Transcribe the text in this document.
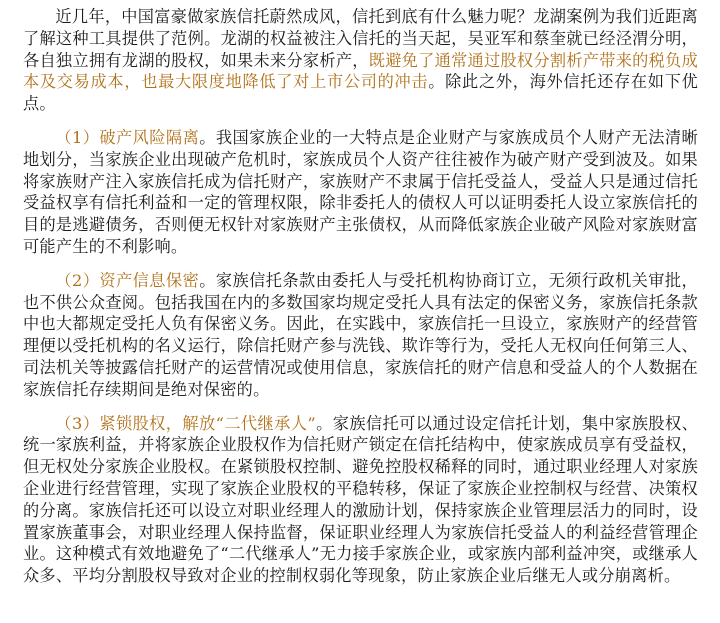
近几年，中国富豪做家族信托蔚然成风，信托到底有什么魅力呢？龙湖案例为我们近距离了解这种工具提供了范例。龙湖的权益被注入信托的当天起，吴亚军和蔡奎就已经泾渭分明，各自独立拥有龙湖的股权，如果未来分家析产，既避免了通常通过股权分割析产带来的税负成本及交易成本，也最大限度地降低了对上市公司的冲击。除此之外，海外信托还存在如下优点。

（1）破产风险隔离。我国家族企业的一大特点是企业财产与家族成员个人财产无法清晰地划分，当家族企业出现破产危机时，家族成员个人资产往往被作为破产财产受到波及。如果将家族财产注入家族信托成为信托财产，家族财产不隶属于信托受益人，受益人只是通过信托受益权享有信托利益和一定的管理权限，除非委托人的债权人可以证明委托人设立家族信托的目的是逃避债务，否则便无权针对家族财产主张债权，从而降低家族企业破产风险对家族财富可能产生的不利影响。

（2）资产信息保密。家族信托条款由委托人与受托机构协商订立，无须行政机关审批，也不供公众查阅。包括我国在内的多数国家均规定受托人具有法定的保密义务，家族信托条款中也大都规定受托人负有保密义务。因此，在实践中，家族信托一旦设立，家族财产的经营管理便以受托机构的名义运行，除信托财产参与洗钱、欺诈等行为，受托人无权向任何第三人、司法机关等披露信托财产的运营情况或使用信息，家族信托的财产信息和受益人的个人数据在家族信托存续期间是绝对保密的。

（3）紧锁股权，解放“二代继承人”。家族信托可以通过设定信托计划，集中家族股权、统一家族利益，并将家族企业股权作为信托财产锁定在信托结构中，使家族成员享有受益权，但无权处分家族企业股权。在紧锁股权控制、避免控股权稀释的同时，通过职业经理人对家族企业进行经营管理，实现了家族企业股权的平稳转移，保证了家族企业控制权与经营、决策权的分离。家族信托还可以设立对职业经理人的激励计划，保持家族企业管理层活力的同时，设置家族董事会，对职业经理人保持监督，保证职业经理人为家族信托受益人的利益经营管理企业。这种模式有效地避免了“二代继承人”无力接手家族企业，或家族内部利益冲突，或继承人众多、平均分割股权导致对企业的控制权弱化等现象，防止家族企业后继无人或分崩离析。
